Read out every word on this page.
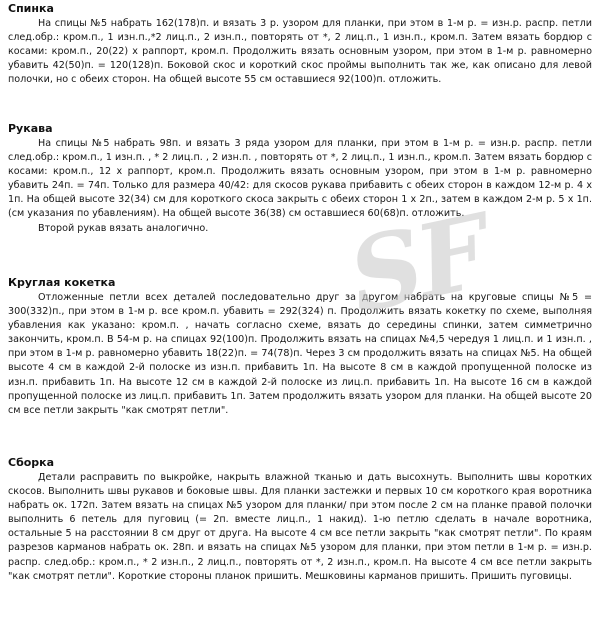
Спинка

На спицы №5 набрать 162(178)п. и вязать 3 р. узором для планки, при этом в 1-м р. = изн.р. распр. петли след.обр.: кром.п., 1 изн.п.,*2 лиц.п., 2 изн.п., повторять от *, 2 лиц.п., 1 изн.п., кром.п. Затем вязать бордюр с косами: кром.п., 20(22) х раппорт, кром.п. Продолжить вязать основным узором, при этом в 1-м р. равномерно убавить 42(50)п. = 120(128)п. Боковой скос и короткий скос проймы выполнить так же, как описано для левой полочки, но с обеих сторон. На общей высоте 55 см оставшиеся 92(100)п. отложить.

Рукава

На спицы №5 набрать 98п. и вязать 3 ряда узором для планки, при этом в 1-м р. = изн.р. распр. петли след.обр.: кром.п., 1 изн.п. , * 2 лиц.п. , 2 изн.п. , повторять от *, 2 лиц.п., 1 изн.п., кром.п. Затем вязать бордюр с косами: кром.п., 12 х раппорт, кром.п. Продолжить вязать основным узором, при этом в 1-м р. равномерно убавить 24п. = 74п. Только для размера 40/42: для скосов рукава прибавить с обеих сторон в каждом 12-м р. 4 х 1п. На общей высоте 32(34) см для короткого скоса закрыть с обеих сторон 1 х 2п., затем в каждом 2-м р. 5 х 1п. (см указания по убавлениям). На общей высоте 36(38) см оставшиеся 60(68)п. отложить.

Второй рукав вязать аналогично.

Круглая кокетка

Отложенные петли всех деталей последовательно друг за другом набрать на круговые спицы №5 = 300(332)п., при этом в 1-м р. все кром.п. убавить = 292(324) п. Продолжить вязать кокетку по схеме, выполняя убавления как указано: кром.п. , начать согласно схеме, вязать до середины спинки, затем симметрично закончить, кром.п. В 54-м р. на спицах 92(100)п. Продолжить вязать на спицах №4,5 чередуя 1 лиц.п. и 1 изн.п. , при этом в 1-м р. равномерно убавить 18(22)п. = 74(78)п. Через 3 см продолжить вязать на спицах №5. На общей высоте 4 см в каждой 2-й полоске из изн.п. прибавить 1п. На высоте 8 см в каждой пропущенной полоске из изн.п. прибавить 1п. На высоте 12 см в каждой 2-й полоске из лиц.п. прибавить 1п. На высоте 16 см в каждой пропущенной полоске из лиц.п. прибавить 1п. Затем продолжить вязать узором для планки. На общей высоте 20 см все петли закрыть "как смотрят петли".

Сборка

Детали расправить по выкройке, накрыть влажной тканью и дать высохнуть. Выполнить швы коротких скосов. Выполнить швы рукавов и боковые швы. Для планки застежки и первых 10 см короткого края воротника набрать ок. 172п. Затем вязать на спицах №5 узором для планки/ при этом после 2 см на планке правой полочки выполнить 6 петель для пуговиц (= 2п. вместе лиц.п., 1 накид). 1-ю петлю сделать в начале воротника, остальные 5 на расстоянии 8 см друг от друга. На высоте 4 см все петли закрыть "как смотрят петли". По краям разрезов карманов набрать ок. 28п. и вязать на спицах №5 узором для планки, при этом петли в 1-м р. = изн.р. распр. след.обр.: кром.п., * 2 изн.п., 2 лиц.п., повторять от *, 2 изн.п., кром.п. На высоте 4 см все петли закрыть "как смотрят петли". Короткие стороны планок пришить. Мешковины карманов пришить. Пришить пуговицы.

SF
